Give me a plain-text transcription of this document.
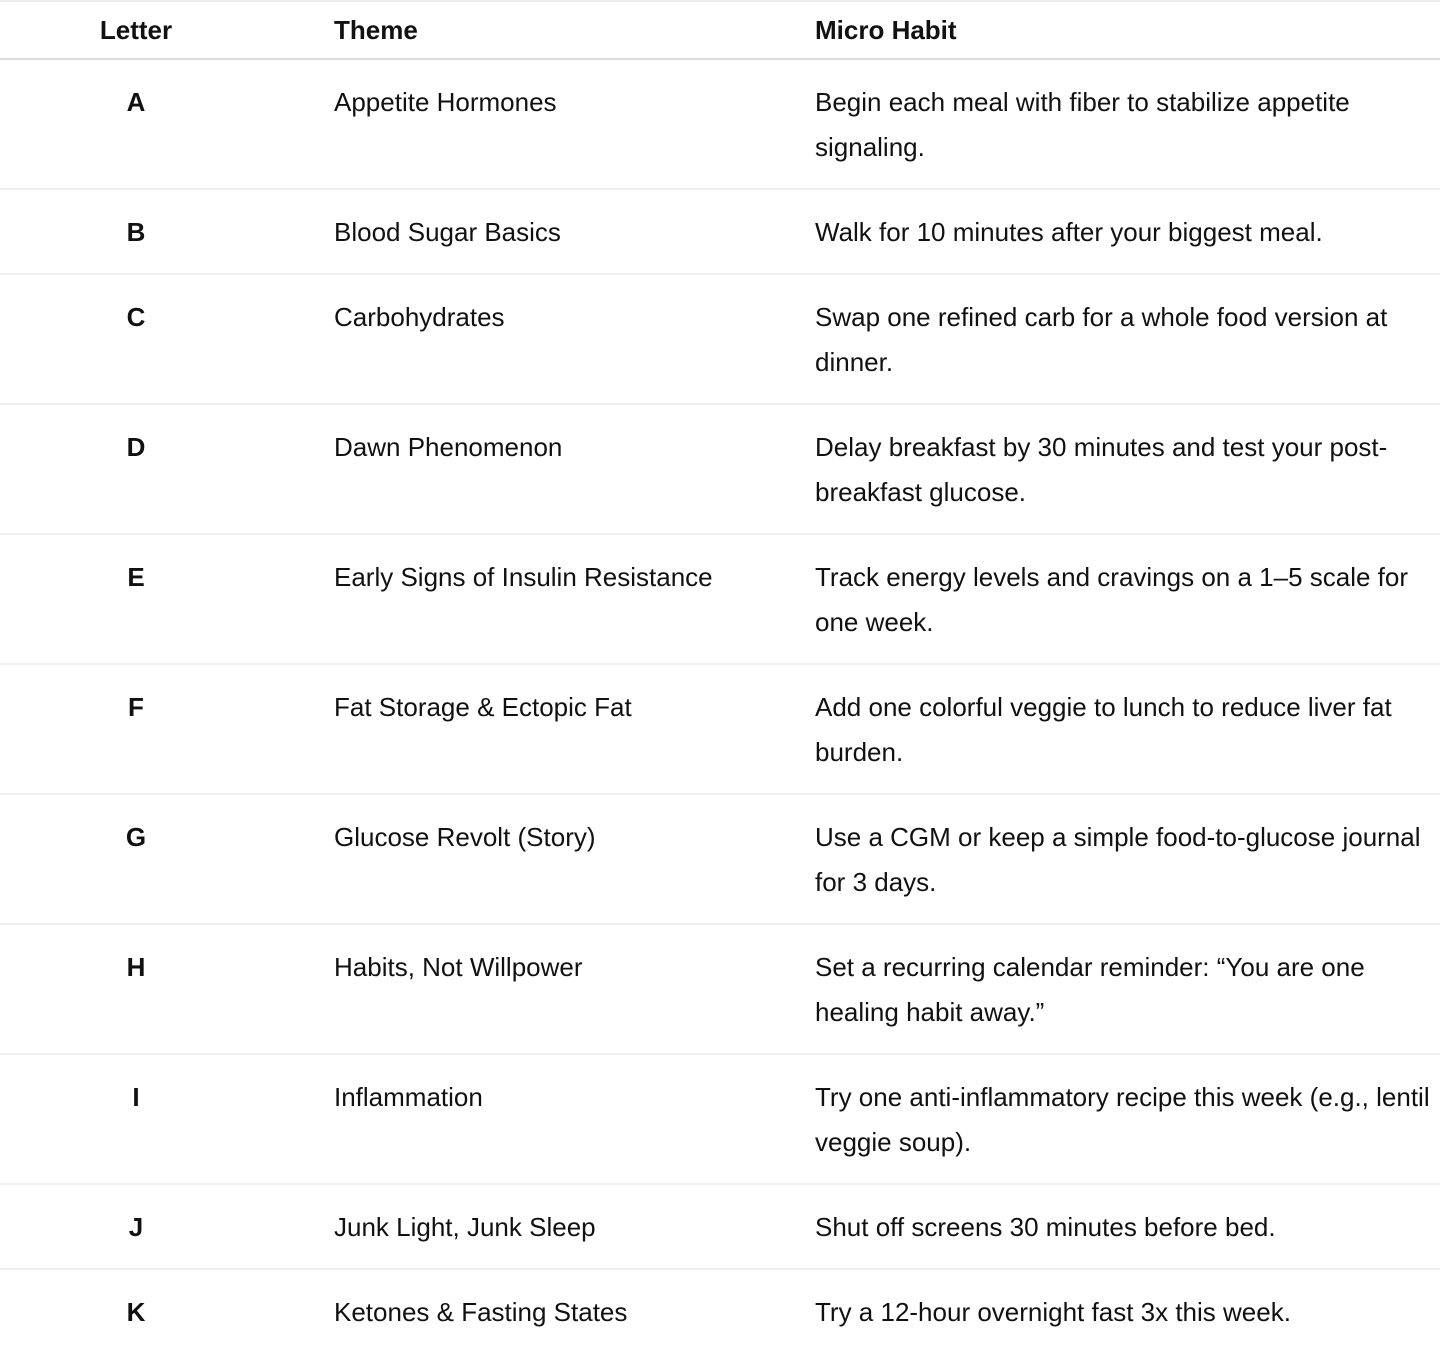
Letter	Theme	Micro Habit
A	Appetite Hormones	Begin each meal with fiber to stabilize appetite signaling.
B	Blood Sugar Basics	Walk for 10 minutes after your biggest meal.
C	Carbohydrates	Swap one refined carb for a whole food version at dinner.
D	Dawn Phenomenon	Delay breakfast by 30 minutes and test your post-breakfast glucose.
E	Early Signs of Insulin Resistance	Track energy levels and cravings on a 1–5 scale for one week.
F	Fat Storage & Ectopic Fat	Add one colorful veggie to lunch to reduce liver fat burden.
G	Glucose Revolt (Story)	Use a CGM or keep a simple food-to-glucose journal for 3 days.
H	Habits, Not Willpower	Set a recurring calendar reminder: “You are one healing habit away.”
I	Inflammation	Try one anti-inflammatory recipe this week (e.g., lentil veggie soup).
J	Junk Light, Junk Sleep	Shut off screens 30 minutes before bed.
K	Ketones & Fasting States	Try a 12-hour overnight fast 3x this week.
